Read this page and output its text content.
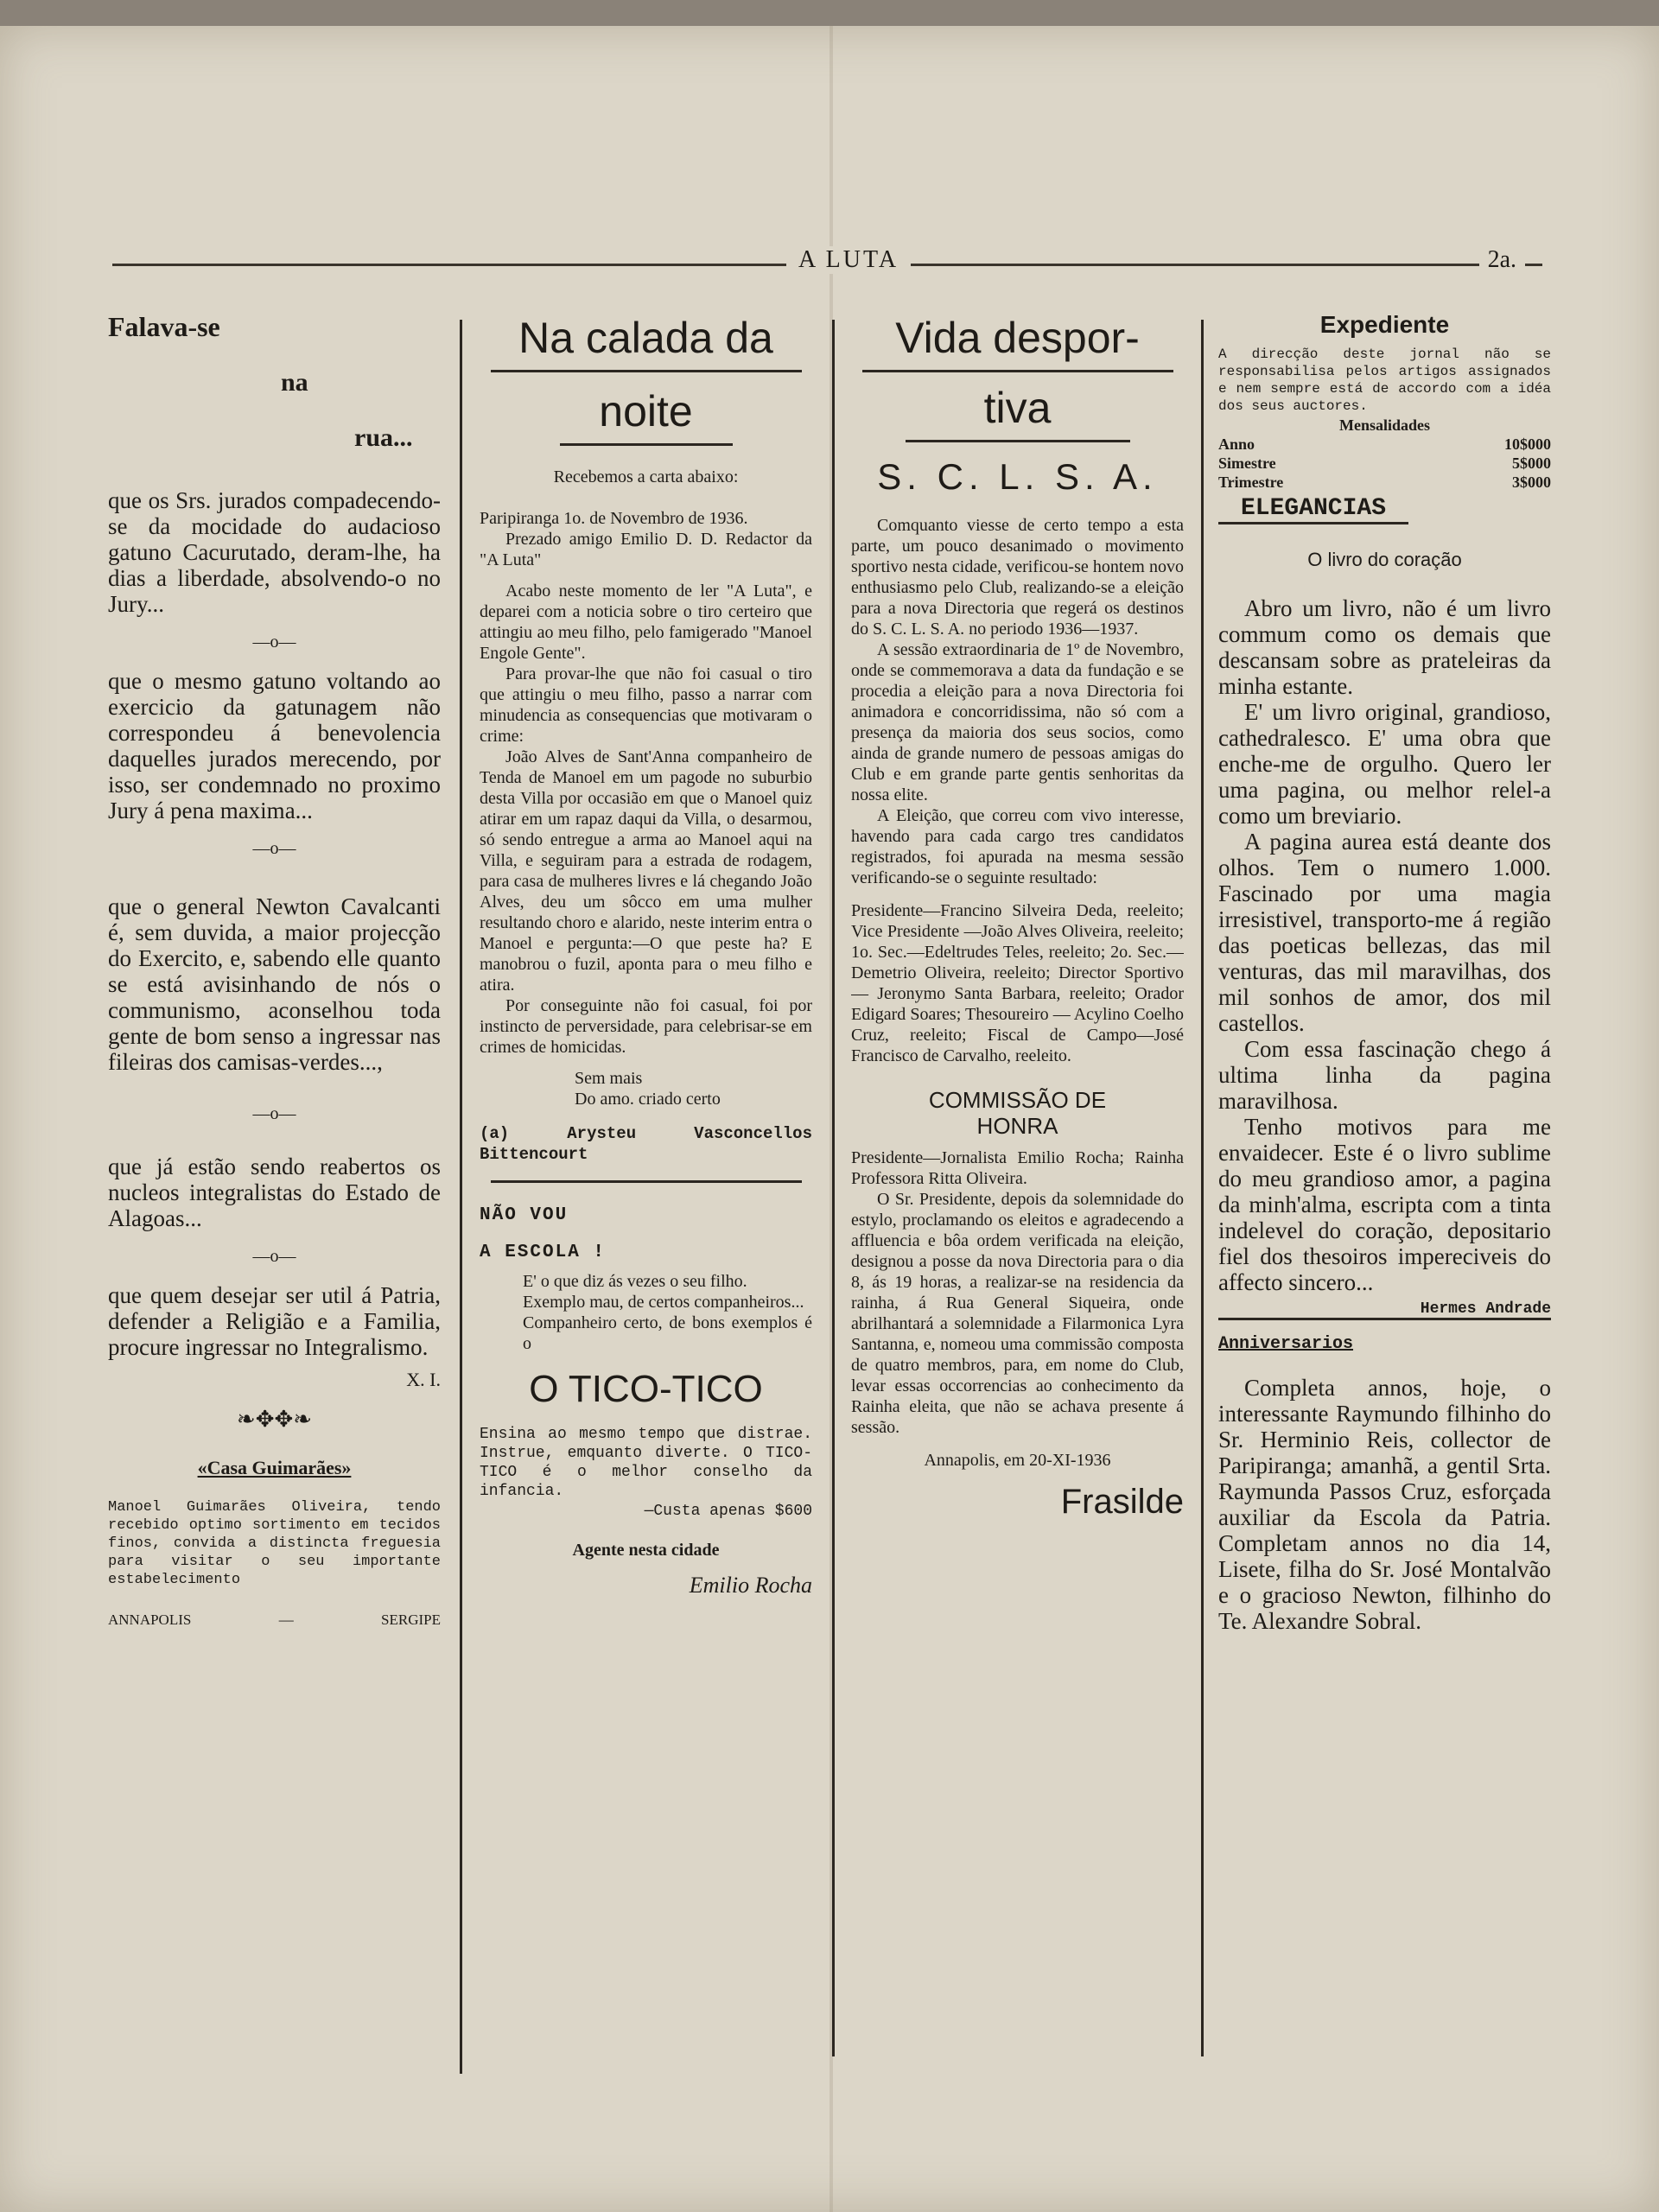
A LUTA	2a.
Falava-se
na
rua...

que os Srs. jurados compadecendo-se da mocidade do audacioso gatuno Cacurutado, deram-lhe, ha dias a liberdade, absolvendo-o no Jury...

—o—

que o mesmo gatuno voltando ao exercicio da gatunagem não correspondeu á benevolencia daquelles jurados merecendo, por isso, ser condemnado no proximo Jury á pena maxima...

—o—

que o general Newton Cavalcanti é, sem duvida, a maior projecção do Exercito, e, sabendo elle quanto se está avisinhando de nós o communismo, aconselhou toda gente de bom senso a ingressar nas fileiras dos camisas-verdes...,

—o—

que já estão sendo reabertos os nucleos integralistas do Estado de Alagoas...

—o—

que quem desejar ser util á Patria, defender a Religião e a Familia, procure ingressar no Integralismo.

X. I.
❧✥✥❧
«Casa Guimarães»

Manoel Guimarães Oliveira, tendo recebido optimo sortimento em tecidos finos, convida a distincta freguesia para visitar o seu importante estabelecimento

ANNAPOLIS	—	SERGIPE
Na calada da
noite

Recebemos a carta abaixo:

Paripiranga 1o. de Novembro de 1936.

Prezado amigo Emilio D. D. Redactor da "A Luta"

Acabo neste momento de ler "A Luta", e deparei com a noticia sobre o tiro certeiro que attingiu ao meu filho, pelo famigerado "Manoel Engole Gente".

Para provar-lhe que não foi casual o tiro que attingiu o meu filho, passo a narrar com minudencia as consequencias que motivaram o crime:

João Alves de Sant'Anna companheiro de Tenda de Manoel em um pagode no suburbio desta Villa por occasião em que o Manoel quiz atirar em um rapaz daqui da Villa, o desarmou, só sendo entregue a arma ao Manoel aqui na Villa, e seguiram para a estrada de rodagem, para casa de mulheres livres e lá chegando João Alves, deu um sôcco em uma mulher resultando choro e alarido, neste interim entra o Manoel e pergunta:—O que peste ha? E manobrou o fuzil, aponta para o meu filho e atira.

Por conseguinte não foi casual, foi por instincto de perversidade, para celebrisar-se em crimes de homicidas.

Sem mais

Do amo. criado certo

(a) Arysteu Vasconcellos Bittencourt

NÃO VOU

A ESCOLA !

E' o que diz ás vezes o seu filho.

Exemplo mau, de certos companheiros...

Companheiro certo, de bons exemplos é o

O TICO-TICO

Ensina ao mesmo tempo que distrae. Instrue, emquanto diverte. O TICO-TICO é o melhor conselho da infancia.

—Custa apenas $600

Agente nesta cidade

Emilio Rocha

Vida despor-
tiva
S. C. L. S. A.

Comquanto viesse de certo tempo a esta parte, um pouco desanimado o movimento sportivo nesta cidade, verificou-se hontem novo enthusiasmo pelo Club, realizando-se a eleição para a nova Directoria que regerá os destinos do S. C. L. S. A. no periodo 1936—1937.

A sessão extraordinaria de 1º de Novembro, onde se commemorava a data da fundação e se procedia a eleição para a nova Directoria foi animadora e concorridissima, não só com a presença da maioria dos seus socios, como ainda de grande numero de pessoas amigas do Club e em grande parte gentis senhoritas da nossa elite.

A Eleição, que correu com vivo interesse, havendo para cada cargo tres candidatos registrados, foi apurada na mesma sessão verificando-se o seguinte resultado:

Presidente—Francino Silveira Deda, reeleito; Vice Presidente —João Alves Oliveira, reeleito; 1o. Sec.—Edeltrudes Teles, reeleito; 2o. Sec.—Demetrio Oliveira, reeleito; Director Sportivo — Jeronymo Santa Barbara, reeleito; Orador Edigard Soares; Thesoureiro — Acylino Coelho Cruz, reeleito; Fiscal de Campo—José Francisco de Carvalho, reeleito.

COMMISSÃO DE HONRA

Presidente—Jornalista Emilio Rocha; Rainha Professora Ritta Oliveira.

O Sr. Presidente, depois da solemnidade do estylo, proclamando os eleitos e agradecendo a affluencia e bôa ordem verificada na eleição, designou a posse da nova Directoria para o dia 8, ás 19 horas, a realizar-se na residencia da rainha, á Rua General Siqueira, onde abrilhantará a solemnidade a Filarmonica Lyra Santanna, e, nomeou uma commissão composta de quatro membros, para, em nome do Club, levar essas occorrencias ao conhecimento da Rainha eleita, que não se achava presente á sessão.

Annapolis, em 20-XI-1936

Frasilde

Expediente

A direcção deste jornal não se responsabilisa pelos artigos assignados e nem sempre está de accordo com a idéa dos seus auctores.

Mensalidades
Anno	10$000
Simestre	5$000
Trimestre	3$000
ELEGANCIAS
O livro do coração

Abro um livro, não é um livro commum como os demais que descansam sobre as prateleiras da minha estante.

E' um livro original, grandioso, cathedralesco. E' uma obra que enche-me de orgulho. Quero ler uma pagina, ou melhor relel-a como um breviario.

A pagina aurea está deante dos olhos. Tem o numero 1.000. Fascinado por uma magia irresistivel, transporto-me á região das poeticas bellezas, das mil venturas, das mil maravilhas, dos mil sonhos de amor, dos mil castellos.

Com essa fascinação chego á ultima linha da pagina maravilhosa.

Tenho motivos para me envaidecer. Este é o livro sublime do meu grandioso amor, a pagina da minh'alma, escripta com a tinta indelevel do coração, depositario fiel dos thesoiros impereciveis do affecto sincero...

Hermes Andrade

Anniversarios

Completa annos, hoje, o interessante Raymundo filhinho do Sr. Herminio Reis, collector de Paripiranga; amanhã, a gentil Srta. Raymunda Passos Cruz, esforçada auxiliar da Escola da Patria. Completam annos no dia 14, Lisete, filha do Sr. José Montalvão e o gracioso Newton, filhinho do Te. Alexandre Sobral.
